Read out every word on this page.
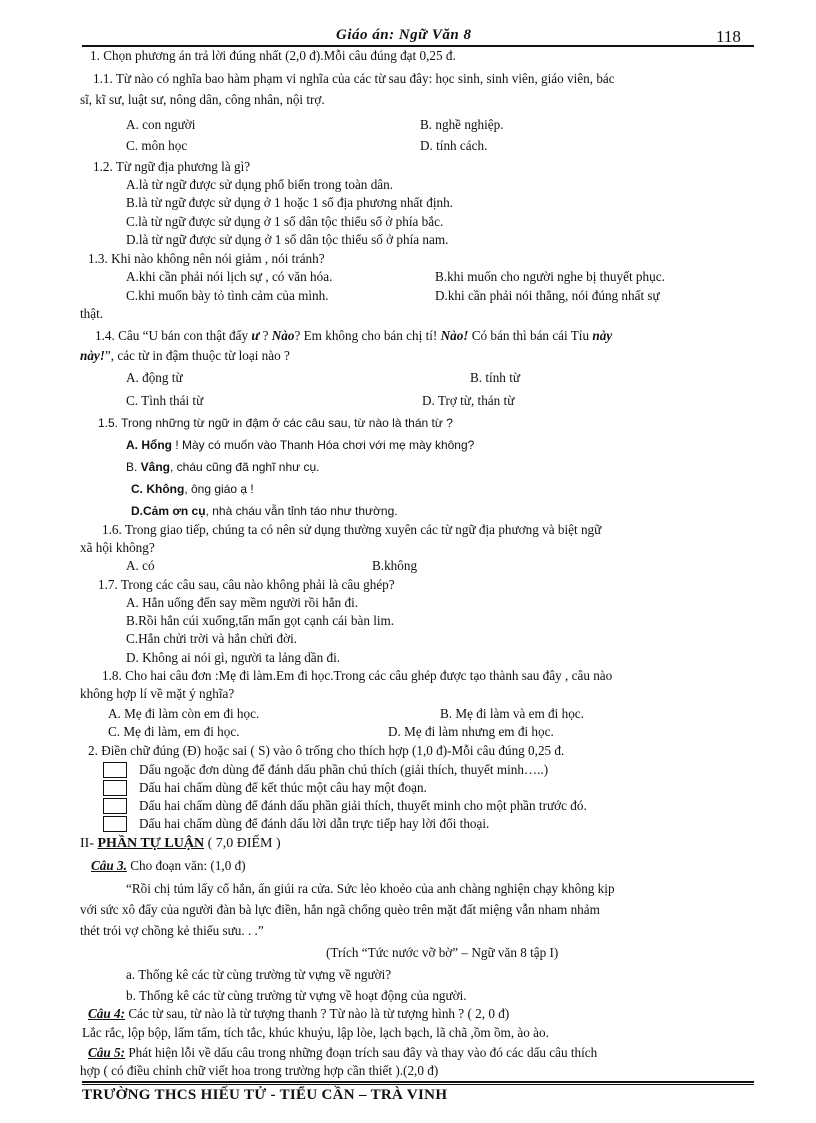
Giáo án: Ngữ Văn 8	118
1. Chọn phương án trả lời đúng nhất (2,0 đ).Mỗi câu đúng đạt 0,25 đ.
1.1. Từ nào có nghĩa bao hàm phạm vi nghĩa của các từ sau đây: học sinh, sinh viên, giáo viên, bác
sĩ, kĩ sư, luật sư, nông dân, công nhân, nội trợ.
A. con người	B. nghề nghiệp.
C. môn học	D. tính cách.
1.2. Từ ngữ địa phương là gì?
A.là từ ngữ được sử dụng phổ biến trong toàn dân.
B.là từ ngữ được sử dụng ở 1 hoặc 1 số địa phương nhất định.
C.là từ ngữ được sử dụng ở 1 số dân tộc thiểu số ở phía bắc.
D.là từ ngữ được sử dụng ở 1 số dân tộc thiểu số ở phía nam.
1.3. Khi nào không nên nói giảm , nói tránh?
A.khi cần phải nói lịch sự , có văn hóa.	B.khi muốn cho người nghe bị thuyết phục.
C.khi muốn bày tỏ tình cảm của mình.	D.khi cần phải nói thẳng, nói đúng nhất sự
thật.
1.4. Câu “U bán con thật đấy ư ? Nào? Em không cho bán chị tí! Nào! Có bán thì bán cái Tỉu này
này!”, các từ in đậm thuộc từ loại nào ?
A. động từ	B. tính từ
C. Tình thái từ	D. Trợ từ, thán từ
1.5. Trong những từ ngữ in đậm ở các câu sau, từ nào là thán từ ?
A. Hổng ! Mày có muốn vào Thanh Hóa chơi với mẹ mày không?
B. Vâng, cháu cũng đã nghĩ như cụ.
C. Không, ông giáo ạ !
D.Cảm ơn cụ, nhà cháu vẫn tỉnh táo như thường.
1.6. Trong giao tiếp, chúng ta có nên sử dụng thường xuyên các từ ngữ địa phương và biệt ngữ
xã hội không?
A. có	B.không
1.7. Trong các câu sau, câu nào không phải là câu ghép?
A. Hắn uống đến say mềm người rồi hắn đi.
B.Rồi hắn cúi xuống,tẩn mẩn gọt cạnh cái bàn lim.
C.Hắn chửi trời và hắn chửi đời.
D. Không ai nói gì, người ta lảng dần đi.
1.8. Cho hai câu đơn :Mẹ đi làm.Em đi học.Trong các câu ghép được tạo thành sau đây , câu nào
không hợp lí về mặt ý nghĩa?
A. Mẹ đi làm còn em đi học.	B. Mẹ đi làm và em đi học.
C. Mẹ đi làm, em đi học.	D. Mẹ đi làm nhưng em đi học.
2. Điền chữ đúng (Đ) hoặc sai ( S) vào ô trống cho thích hợp (1,0 đ)-Mỗi câu đúng 0,25 đ.
Dấu ngoặc đơn dùng để đánh dấu phần chú thích (giải thích, thuyết minh…..)
Dấu hai chấm dùng để kết thúc một câu hay một đoạn.
Dấu hai chấm dùng để đánh dấu phần giải thích, thuyết minh cho một phần trước đó.
Dấu hai chấm dùng để đánh dấu lời dẫn trực tiếp hay lời đối thoại.
II- PHẦN TỰ LUẬN ( 7,0 ĐIỂM )
Câu 3. Cho đoạn văn: (1,0 đ)
“Rồi chị túm lấy cổ hắn, ấn giúi ra cửa. Sức lẻo khoẻo của anh chàng nghiện chạy không kịp
với sức xô đẩy của người đàn bà lực điền, hắn ngã chổng quèo trên mặt đất miệng vẫn nham nhảm
thét trói vợ chồng kẻ thiếu sưu. . .”
(Trích “Tức nước vỡ bờ” – Ngữ văn 8 tập I)
a. Thống kê các từ cùng trường từ vựng về người?
b. Thống kê các từ cùng trường từ vựng về hoạt động của người.
Câu 4: Các từ sau, từ nào là từ tượng thanh ? Từ nào là từ tượng hình ? ( 2, 0 đ)
Lắc rắc, lộp bộp, lấm tấm, tích tắc, khúc khuỷu, lập lòe, lạch bạch, lã chã ,ồm ồm, ào ào.
Câu 5: Phát hiện lỗi về dấu câu trong những đoạn trích sau đây và thay vào đó các dấu câu thích
hợp ( có điều chỉnh chữ viết hoa trong trường hợp cần thiết ).(2,0 đ)
TRƯỜNG THCS HIẾU TỬ - TIỂU CẦN – TRÀ VINH
